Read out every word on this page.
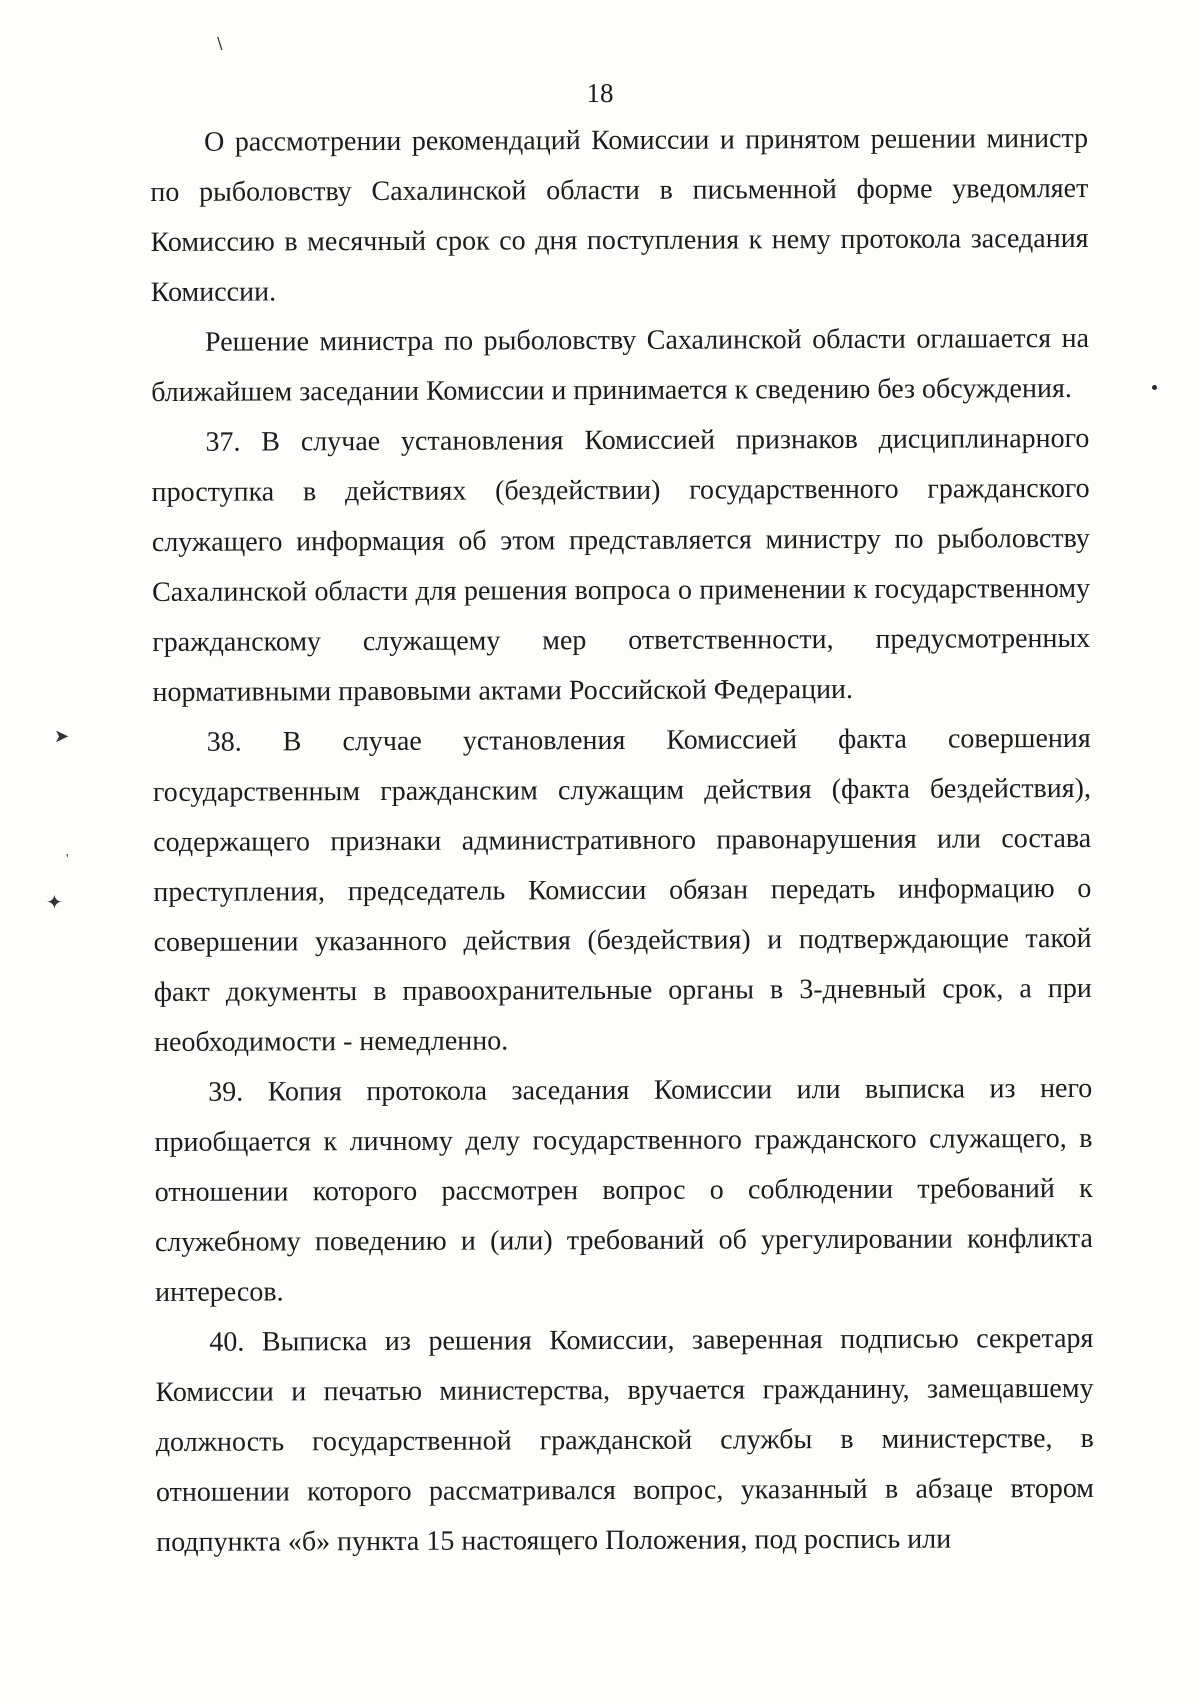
∖
➤
'
✦
18

О рассмотрении рекомендаций Комиссии и принятом решении министр по рыболовству Сахалинской области в письменной форме уведомляет Комиссию в месячный срок со дня поступления к нему протокола заседания Комиссии.

Решение министра по рыболовству Сахалинской области оглашается на ближайшем заседании Комиссии и принимается к сведению без обсуждения.

37. В случае установления Комиссией признаков дисциплинарного проступка в действиях (бездействии) государственного гражданского служащего информация об этом представляется министру по рыболовству Сахалинской области для решения вопроса о применении к государственному гражданскому служащему мер ответственности, предусмотренных нормативными правовыми актами Российской Федерации.

38. В случае установления Комиссией факта совершения государственным гражданским служащим действия (факта бездействия), содержащего признаки административного правонарушения или состава преступления, председатель Комиссии обязан передать информацию о совершении указанного действия (бездействия) и подтверждающие такой факт документы в правоохранительные органы в 3-дневный срок, а при необходимости - немедленно.

39. Копия протокола заседания Комиссии или выписка из него приобщается к личному делу государственного гражданского служащего, в отношении которого рассмотрен вопрос о соблюдении требований к служебному поведению и (или) требований об урегулировании конфликта интересов.

40. Выписка из решения Комиссии, заверенная подписью секретаря Комиссии и печатью министерства, вручается гражданину, замещавшему должность государственной гражданской службы в министерстве, в отношении которого рассматривался вопрос, указанный в абзаце втором подпункта «б» пункта 15 настоящего Положения, под роспись или
